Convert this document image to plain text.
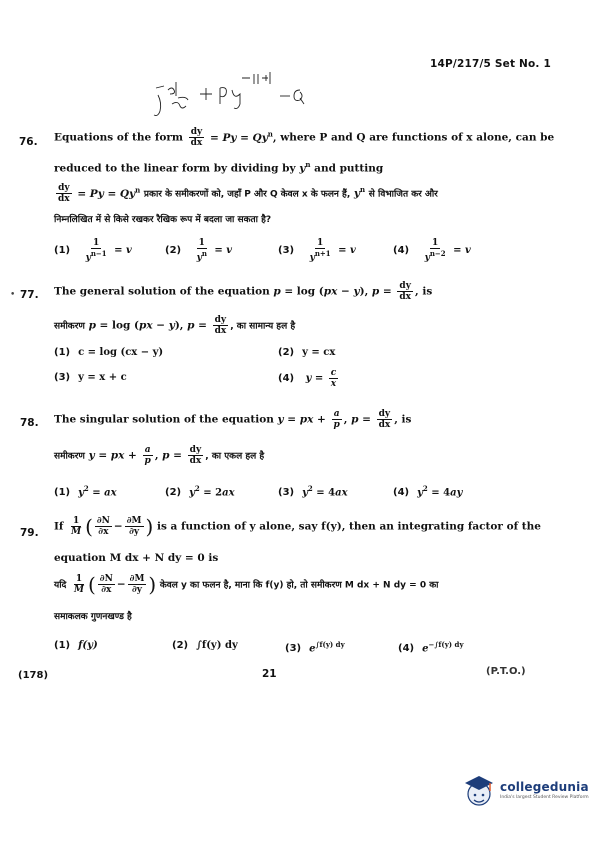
14P/217/5 Set No. 1
76. Equations of the form $\frac{dy}{dx} = Py = Qy^n$, where P and Q are functions of x alone, can be
reduced to the linear form by dividing by $y^n$ and putting
$\frac{dy}{dx} = Py = Qy^n$ प्रकार के समीकरणों को, जहाँ P और Q केवल x के फलन हैं, $y^n$ से विभाजित कर और
निम्नलिखित में से किसे रखकर रैखिक रूप में बदला जा सकता है?
$(1) \frac{1}{y^{n-1}} = v$	$(2) \frac{1}{y^n} = v$	$(3) \frac{1}{y^{n+1}} = v$	$(4) \frac{1}{y^{n-2}} = v$
• 77. The general solution of the equation p = log (px − y), $p = \frac{dy}{dx}$ , is
समीकरण p = log (px − y), $p = \frac{dy}{dx}$ , का सामान्य हल है
(1) c = log (cx − y)	(2) y = cx
(3) y = x + c	(4) $y = \frac{c}{x}$
78. The singular solution of the equation y = px + $\frac{a}{p}$ , $p = \frac{dy}{dx}$ , is
समीकरण y = px + $\frac{a}{p}$ , $p = \frac{dy}{dx}$ , का एकल हल है
(1) $y^2$ = ax	(2) $y^2 = 2ax$	(3) $y^2 = 4ax$	(4) $y^2 = 4ay$
79.
If $\frac{1}{M}$ ( $\frac{\partial N}{\partial x} - \frac{\partial M}{\partial y}$ ) is a function of y alone, say f(y), then an integrating factor of the
equation M dx + N dy = 0 is
यदि $\frac{1}{M}$ ( $\frac{\partial N}{\partial x} - \frac{\partial M}{\partial y}$ ) केवल y का फलन है, माना कि f(y) हो, तो समीकरण M dx + N dy = 0 का
समाकलक गुणनखण्ड है
(1) f(y)	(2) ∫f(y) dy	(3) $e^{\int f(y) dy}$	(4) $e^{-\int f(y) dy}$
(178)	21	(P.T.O.)
collegedunia
India's largest Student Review Platform
